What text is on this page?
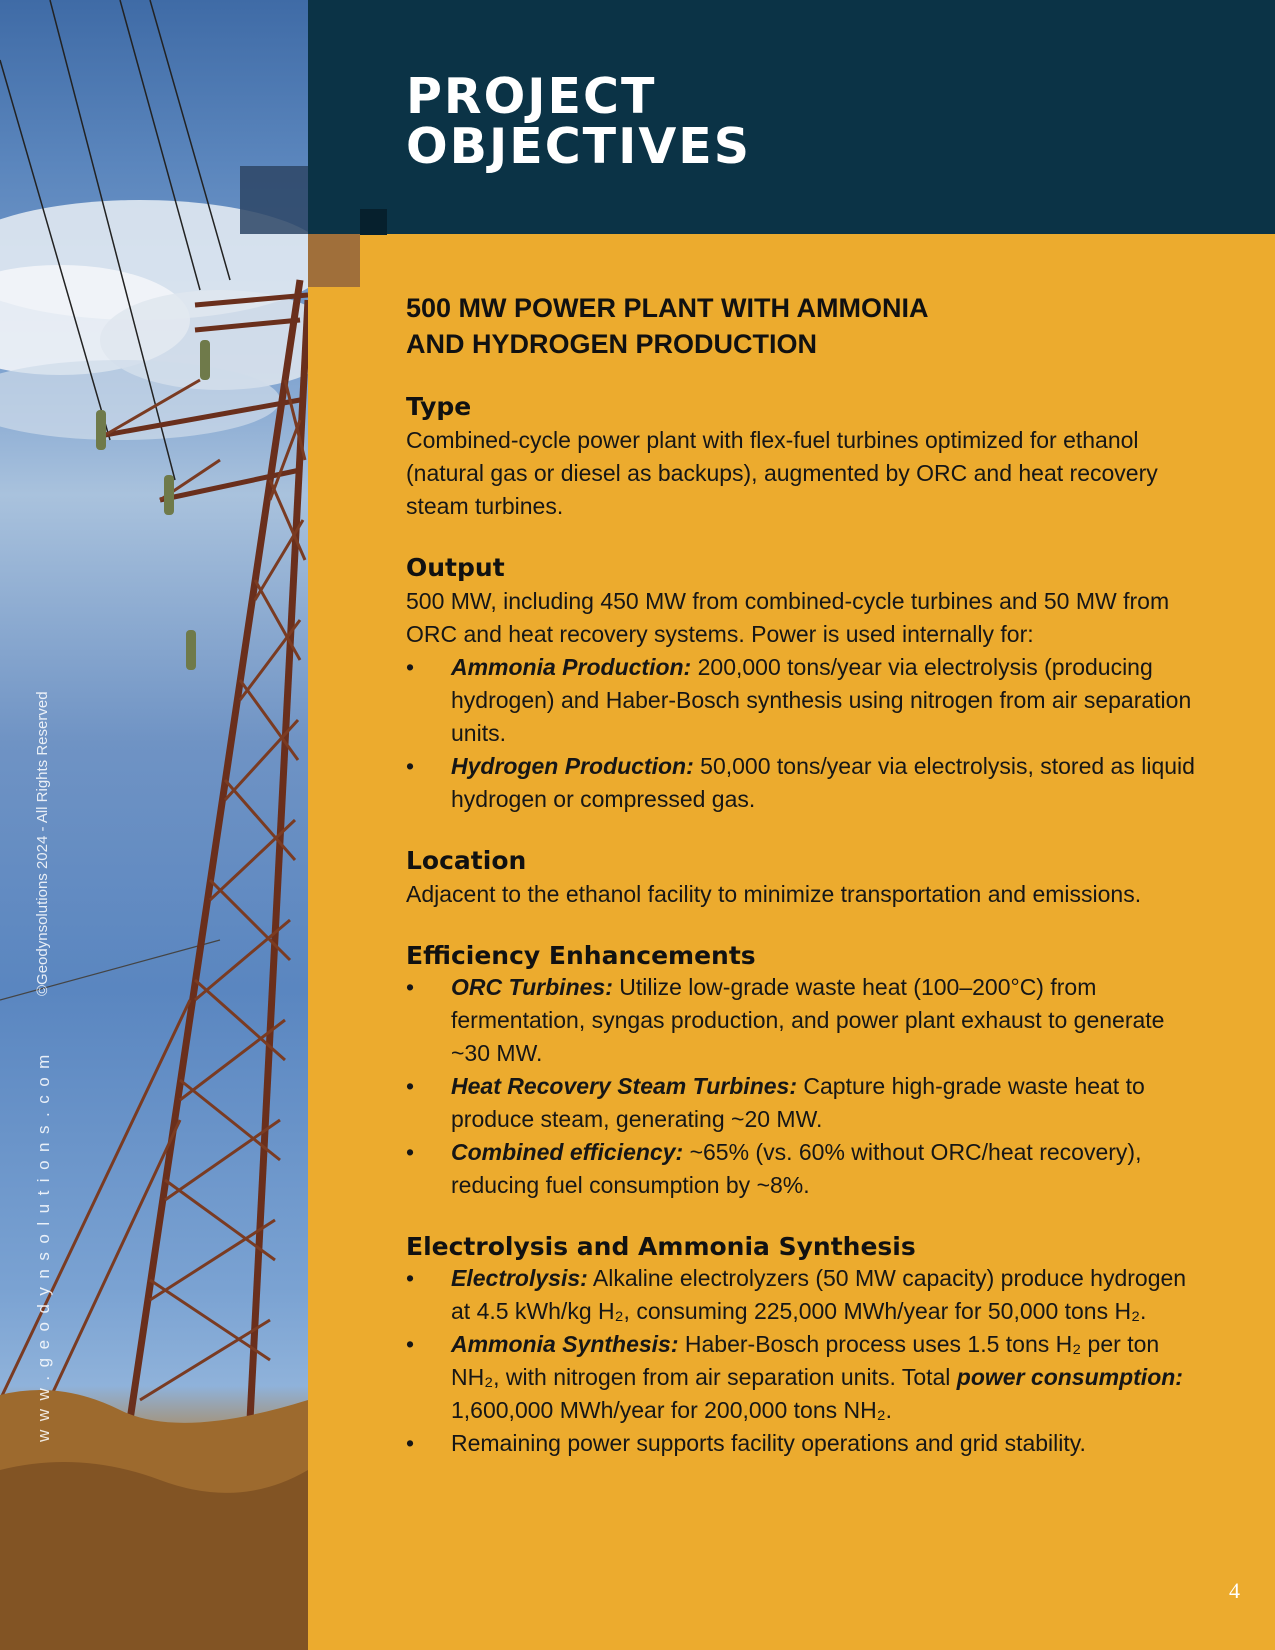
©Geodynsolutions 2024 - All Rights Reserved
www.geodynsolutions.com
PROJECT
OBJECTIVES
500 MW POWER PLANT WITH AMMONIA
AND HYDROGEN PRODUCTION
Type

Combined-cycle power plant with flex-fuel turbines optimized for ethanol (natural gas or diesel as backups), augmented by ORC and heat recovery steam turbines.

Output

500 MW, including 450 MW from combined-cycle turbines and 50 MW from ORC and heat recovery systems. Power is used internally for:

• Ammonia Production: 200,000 tons/year via electrolysis (producing hydrogen) and Haber-Bosch synthesis using nitrogen from air separation units.
• Hydrogen Production: 50,000 tons/year via electrolysis, stored as liquid hydrogen or compressed gas.
Location

Adjacent to the ethanol facility to minimize transportation and emissions.

Efficiency Enhancements
• ORC Turbines: Utilize low-grade waste heat (100–200°C) from fermentation, syngas production, and power plant exhaust to generate ~30 MW.
• Heat Recovery Steam Turbines: Capture high-grade waste heat to produce steam, generating ~20 MW.
• Combined efficiency: ~65% (vs. 60% without ORC/heat recovery), reducing fuel consumption by ~8%.
Electrolysis and Ammonia Synthesis
• Electrolysis: Alkaline electrolyzers (50 MW capacity) produce hydrogen at 4.5 kWh/kg H₂, consuming 225,000 MWh/year for 50,000 tons H₂.
• Ammonia Synthesis: Haber-Bosch process uses 1.5 tons H₂ per ton NH₂, with nitrogen from air separation units. Total power consumption: 1,600,000 MWh/year for 200,000 tons NH₂.
• Remaining power supports facility operations and grid stability.
4
